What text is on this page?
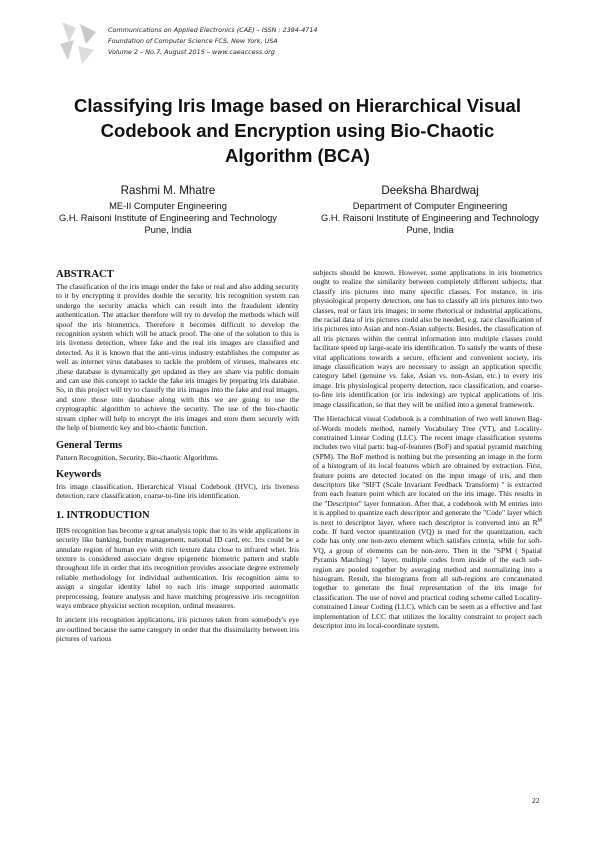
Communications on Applied Electronics (CAE) – ISSN : 2394-4714
Foundation of Computer Science FCS, New York, USA
Volume 2 – No.7, August 2015 – www.caeaccess.org
Classifying Iris Image based on Hierarchical Visual Codebook and Encryption using Bio-Chaotic Algorithm (BCA)
Rashmi M. Mhatre
ME-II Computer Engineering
G.H. Raisoni Institute of Engineering and Technology
Pune, India
Deeksha Bhardwaj
Department of Computer Engineering
G.H. Raisoni Institute of Engineering and Technology
Pune, India
ABSTRACT

The classification of the iris image under the fake or real and also adding security to it by encrypting it provides double the security. Iris recognition system can undergo the security attacks which can result into the fraudulent identity authentication. The attacker therefore will try to develop the methods which will spoof the iris biometrics. Therefore it becomes difficult to develop the recognition system which will be attack proof. The one of the solution to this is iris liveness detection, where fake and the real iris images are classified and detected. As it is known that the anti-virus industry establishes the computer as well as internet virus databases to tackle the problem of viruses, malwares etc ,these database is dynamically get updated as they are share via public domain and can use this concept to tackle the fake iris images by preparing iris database. So, in this project will try to classify the iris images into the fake and real images, and store those into database along with this we are going to use the cryptographic algorithm to achieve the security. The use of the bio-chaotic stream cipher will help to encrypt the iris images and store them securely with the help of biometric key and bio-chaotic function.

General Terms

Pattern Recognition, Security, Bio-chaotic Algorithms.

Keywords

Iris image classification, Hierarchical Visual Codebook (HVC), iris liveness detection, race classification, coarse-to-fine iris identification.

1. INTRODUCTION

IRIS recognition has become a great analysis topic due to its wide applications in security like banking, border management, national ID card, etc. Iris could be a annulate region of human eye with rich texture data close to infrared whet. Iris texture is considered associate degree epigenetic biometric pattern and stable throughout life in order that iris recognition provides associate degree extremely reliable methodology for individual authentication. Iris recognition aims to assign a singular identity label to each iris image supported automatic preprocessing, feature analysis and have matching progressive iris recognition ways embrace physicist section reception, ordinal measures.

In ancient iris recognition applications, iris pictures taken from somebody's eye are outlined because the same category in order that the dissimilarity between iris pictures of various

subjects should be known. However, some applications in iris biometrics ought to realize the similarity between completely different subjects, that classify iris pictures into many specific classes. For instance, in iris physiological property detection, one has to classify all iris pictures into two classes, real or faux iris images; in some rhetorical or industrial applications, the racial data of iris pictures could also be needed, e.g. race classification of iris pictures into Asian and non-Asian subjects. Besides, the classification of all iris pictures within the central information into multiple classes could facilitate speed up large-scale iris identification. To satisfy the wants of these vital applications towards a secure, efficient and convenient society, iris image classification ways are necessary to assign an application specific category label (genuine vs. fake, Asian vs. non-Asian, etc.) to every iris image. Iris physiological property detection, race classification, and coarse-to-fine iris identification (or iris indexing) are typical applications of iris image classification, so that they will be unified into a general framework.

The Hierachical visual Codebook is a combination of two well known Bag-of-Words models method, namely Vocabulary Tree (VT), and Locality-constrained Linear Coding (LLC). The recent image classification systems includes two vital parts: bag-of-features (BoF) and spatial pyramid matching (SPM). The BoF method is nothing but the presenting an image in the form of a histogram of its local features which are obtained by extraction. First, feature points are detected located on the input image of iris, and then descriptors like "SIFT (Scale Invariant Feedback Transform) " is extracted from each feature point which are located on the iris image. This results in the "Descriptor" layer formation. After that, a codebook with M entries into it is applied to quantize each descriptor and generate the "Code" layer which is next to descriptor layer, where each descriptor is converted into an $R^M$ code. If hard vector quantization (VQ) is used for the quantization, each code has only one non-zero element which satisfies criteria, while for soft-VQ, a group of elements can be non-zero. Then in the "SPM ( Spatial Pyramis Matching) " layer, multiple codes from inside of the each sub-region are pooled together by averaging method and normalizing into a histogram. Result, the histograms from all sub-regions are concatenated together to generate the final representation of the iris image for classification. The use of novel and practical coding scheme called Locality-constrained Linear Coding (LLC), which can be seem as a effective and fast implementation of LCC that utilizes the locality constraint to project each descriptor into its local-coordinate system.

22
